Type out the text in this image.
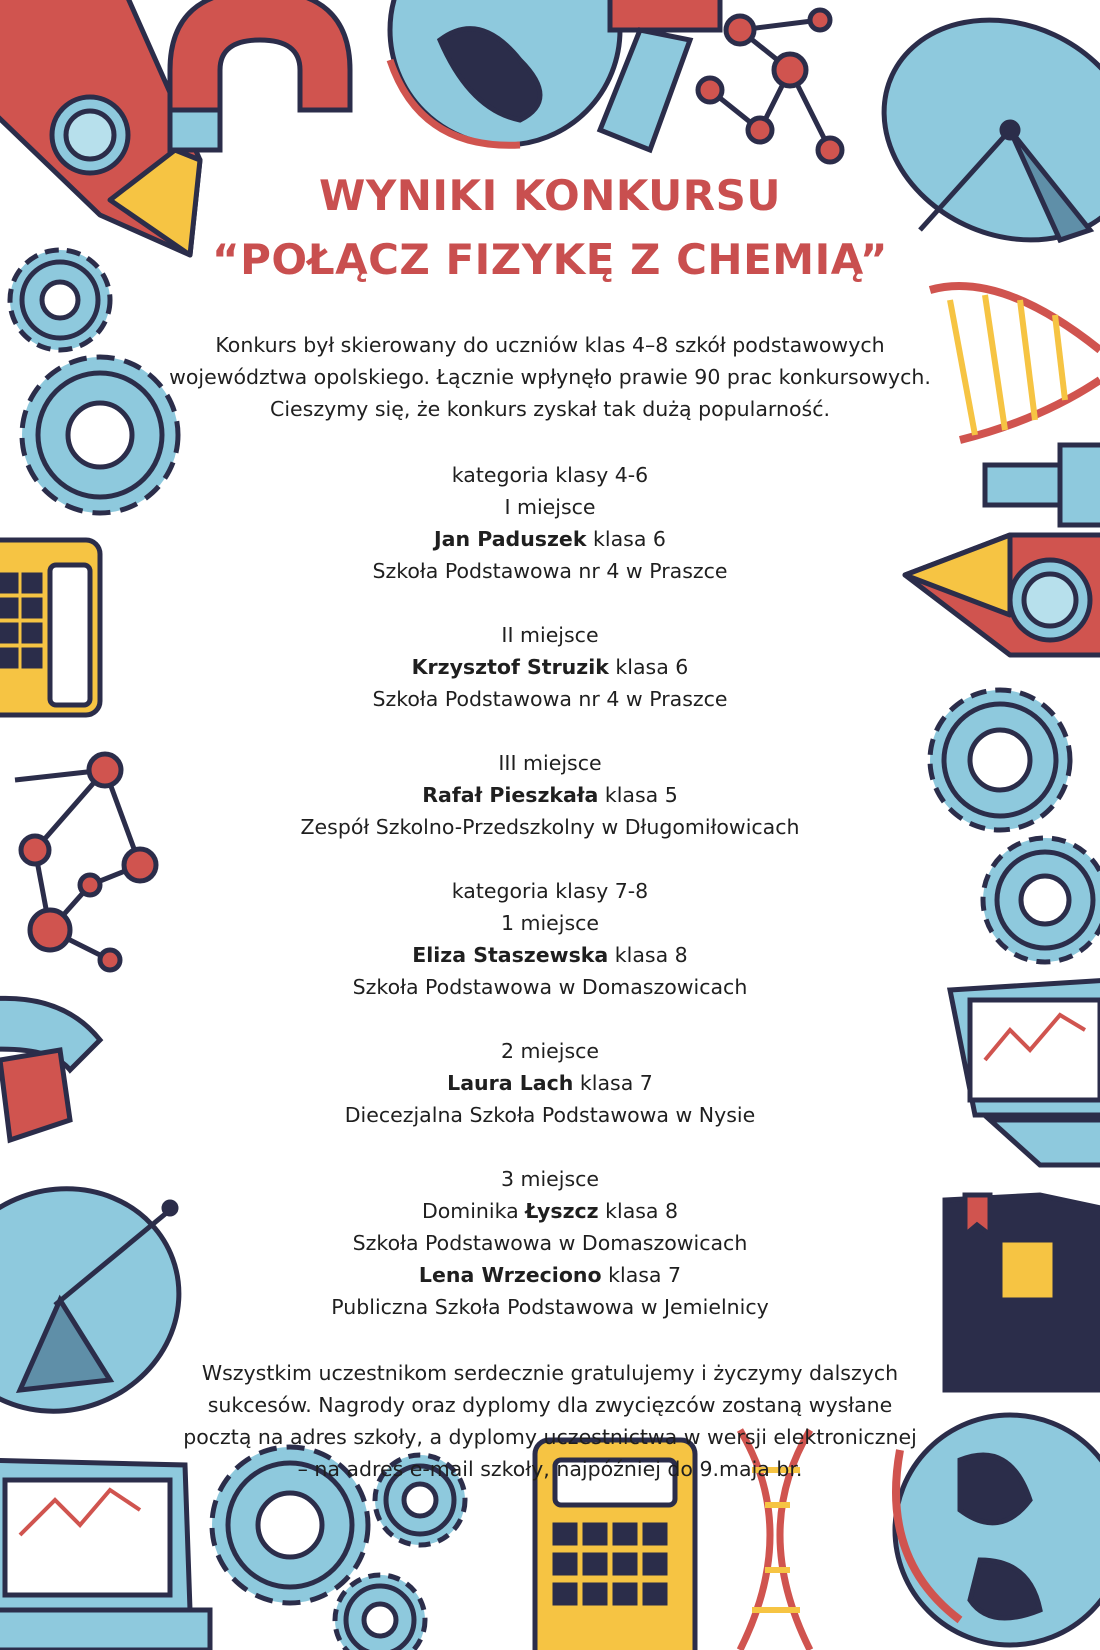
WYNIKI KONKURSU
“POŁĄCZ FIZYKĘ Z CHEMIĄ”
Konkurs był skierowany do uczniów klas 4–8 szkół podstawowych
województwa opolskiego. Łącznie wpłynęło prawie 90 prac konkursowych.
Cieszymy się, że konkurs zyskał tak dużą popularność.
kategoria klasy 4-6
I miejsce
Jan Paduszek klasa 6
Szkoła Podstawowa nr 4 w Praszce
II miejsce
Krzysztof Struzik klasa 6
Szkoła Podstawowa nr 4 w Praszce
III miejsce
Rafał Pieszkała klasa 5
Zespół Szkolno-Przedszkolny w Długomiłowicach
kategoria klasy 7-8
1 miejsce
Eliza Staszewska klasa 8
Szkoła Podstawowa w Domaszowicach
2 miejsce
Laura Lach klasa 7
Diecezjalna Szkoła Podstawowa w Nysie
3 miejsce
Dominika Łyszcz klasa 8
Szkoła Podstawowa w Domaszowicach
Lena Wrzeciono klasa 7
Publiczna Szkoła Podstawowa w Jemielnicy
Wszystkim uczestnikom serdecznie gratulujemy i życzymy dalszych
sukcesów. Nagrody oraz dyplomy dla zwycięzców zostaną wysłane
pocztą na adres szkoły, a dyplomy uczestnictwa w wersji elektronicznej
– na adres e-mail szkoły, najpóźniej do 9.maja br.
